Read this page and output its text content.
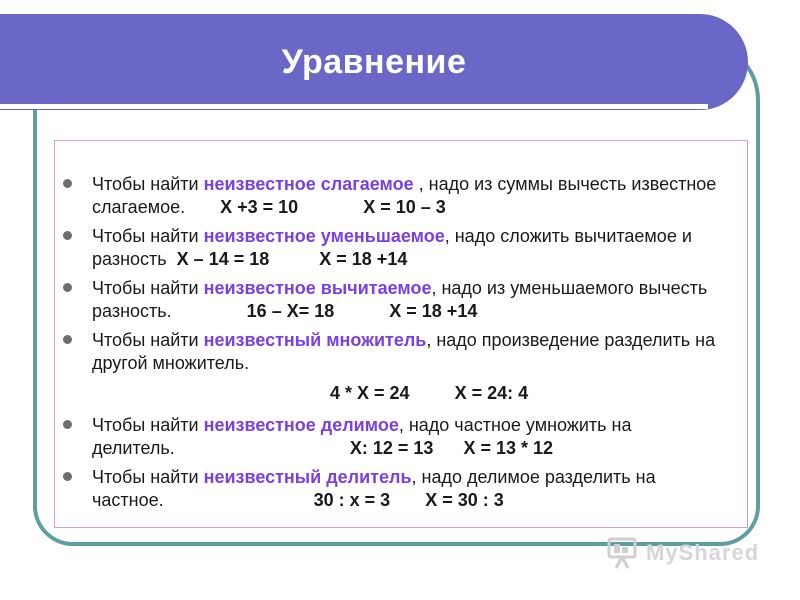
Уравнение
Чтобы найти неизвестное слагаемое , надо из суммы вычесть известное слагаемое. Х +3 = 10	Х = 10 – 3
Чтобы найти неизвестное уменьшаемое, надо сложить вычитаемое и разность Х – 14 = 18	Х = 18 +14
Чтобы найти неизвестное вычитаемое, надо из уменьшаемого вычесть разность.	16 – Х= 18	Х = 18 +14
Чтобы найти неизвестный множитель, надо произведение разделить на другой множитель.
4 * Х = 24	Х = 24: 4
Чтобы найти неизвестное делимое, надо частное умножить на делитель.	Х: 12 = 13 Х = 13 * 12
Чтобы найти неизвестный делитель, надо делимое разделить на частное.	30 : х = 3 Х = 30 : 3
MyShared
